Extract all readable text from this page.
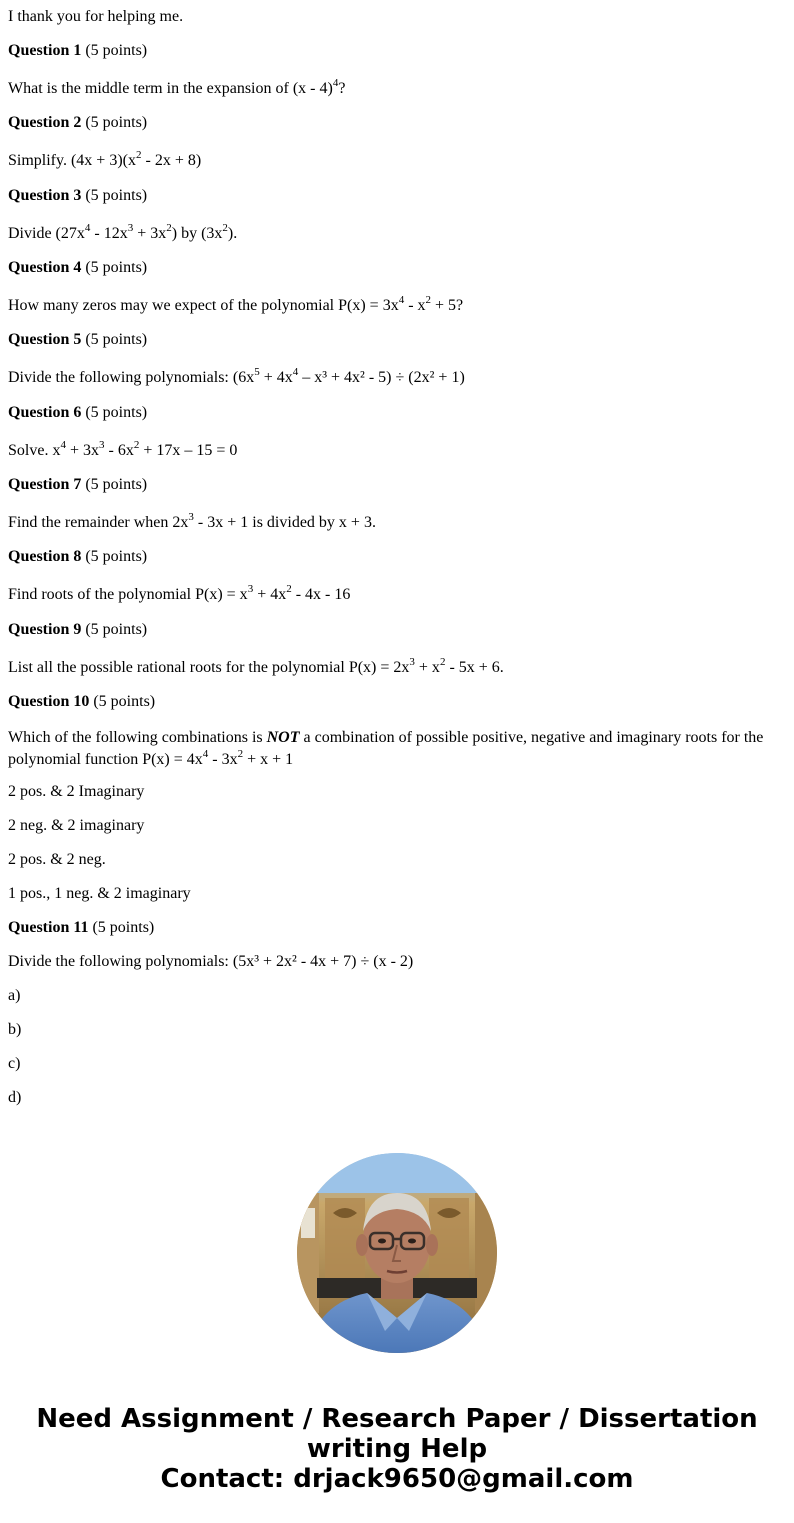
I thank you for helping me.

Question 1 (5 points)

What is the middle term in the expansion of (x - 4)$^4$?

Question 2 (5 points)

Simplify. $(4x + 3)(x^2 - 2x + 8)$

Question 3 (5 points)

Divide $(27x^4 - 12x^3 + 3x^2)$ by $(3x^2)$.

Question 4 (5 points)

How many zeros may we expect of the polynomial $P(x) = 3x^4 - x^2 + 5$?

Question 5 (5 points)

Divide the following polynomials: $(6x^5 + 4x^4 - x^3 + 4x^2 - 5) \div (2x^2 + 1)$

Question 6 (5 points)

Solve. $x^4 + 3x^3 - 6x^2 + 17x - 15 = 0$

Question 7 (5 points)

Find the remainder when $2x^3 - 3x + 1$ is divided by x + 3.

Question 8 (5 points)

Find roots of the polynomial $P(x) = x^3 + 4x^2 - 4x - 16$

Question 9 (5 points)

List all the possible rational roots for the polynomial $P(x) = 2x^3 + x^2 - 5x + 6$.

Question 10 (5 points)

Which of the following combinations is NOT a combination of possible positive, negative and imaginary roots for the polynomial function $P(x) = 4x^4 - 3x^2 + x + 1$

2 pos. & 2 Imaginary

2 neg. & 2 imaginary

2 pos. & 2 neg.

1 pos., 1 neg. & 2 imaginary

Question 11 (5 points)

Divide the following polynomials: (5x³ + 2x² - 4x + 7) ÷ (x - 2)

a)

b)

c)

d)

Need Assignment / Research Paper / Dissertation
writing Help
Contact: drjack9650@gmail.com
